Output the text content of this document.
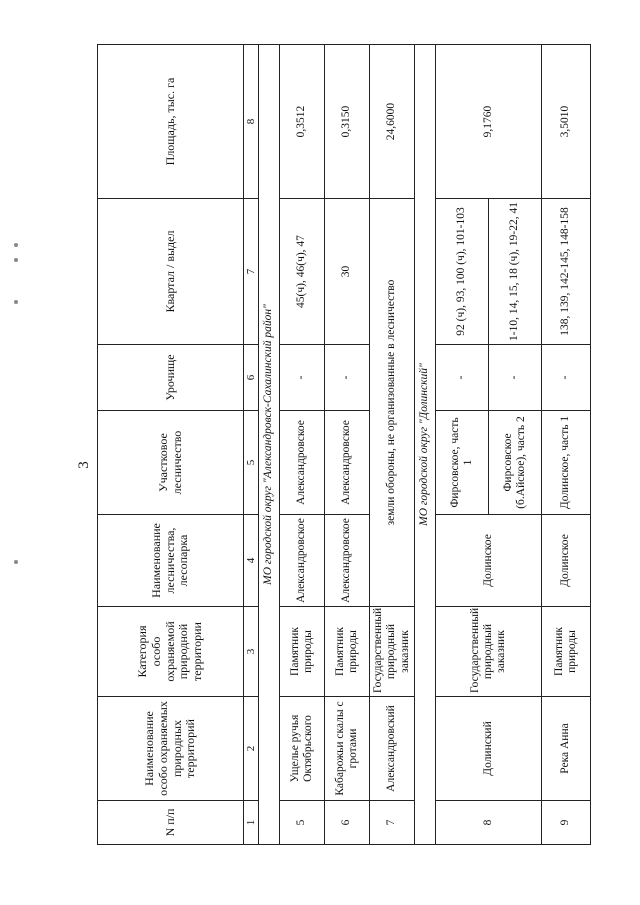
3
N п/п	Наименование особо охраняемых природных территорий	Категория особо охраняемой природной территории	Наименование лесничества, лесопарка	Участковое лесничество	Урочище	Квартал / выдел	Площадь, тыс. га
1	2	3	4	5	6	7	8
МО городской округ "Александровск-Сахалинский район"							
5	Ущелье ручья Октябрьского	Памятник природы	Александровское	Александровское	-	45(ч), 46(ч), 47	0,3512
6	Кабарожьи скалы с гротами	Памятник природы	Александровское	Александровское	-	30	0,3150
7	Александровский	Государственный природный заказник	земли обороны, не организованные в лесничество				24,6000
МО городской округ "Долинский"							
8	Долинский	Государственный природный заказник	Долинское	Фирсовское, часть 1	-	92 (ч), 93, 100 (ч), 101-103	9,1760
				Фирсовское (б.Айское), часть 2	-	1-10, 14, 15, 18 (ч), 19-22, 41	
9	Река Анна	Памятник природы	Долинское	Долинское, часть 1	-	138, 139, 142-145, 148-158	3,5010
